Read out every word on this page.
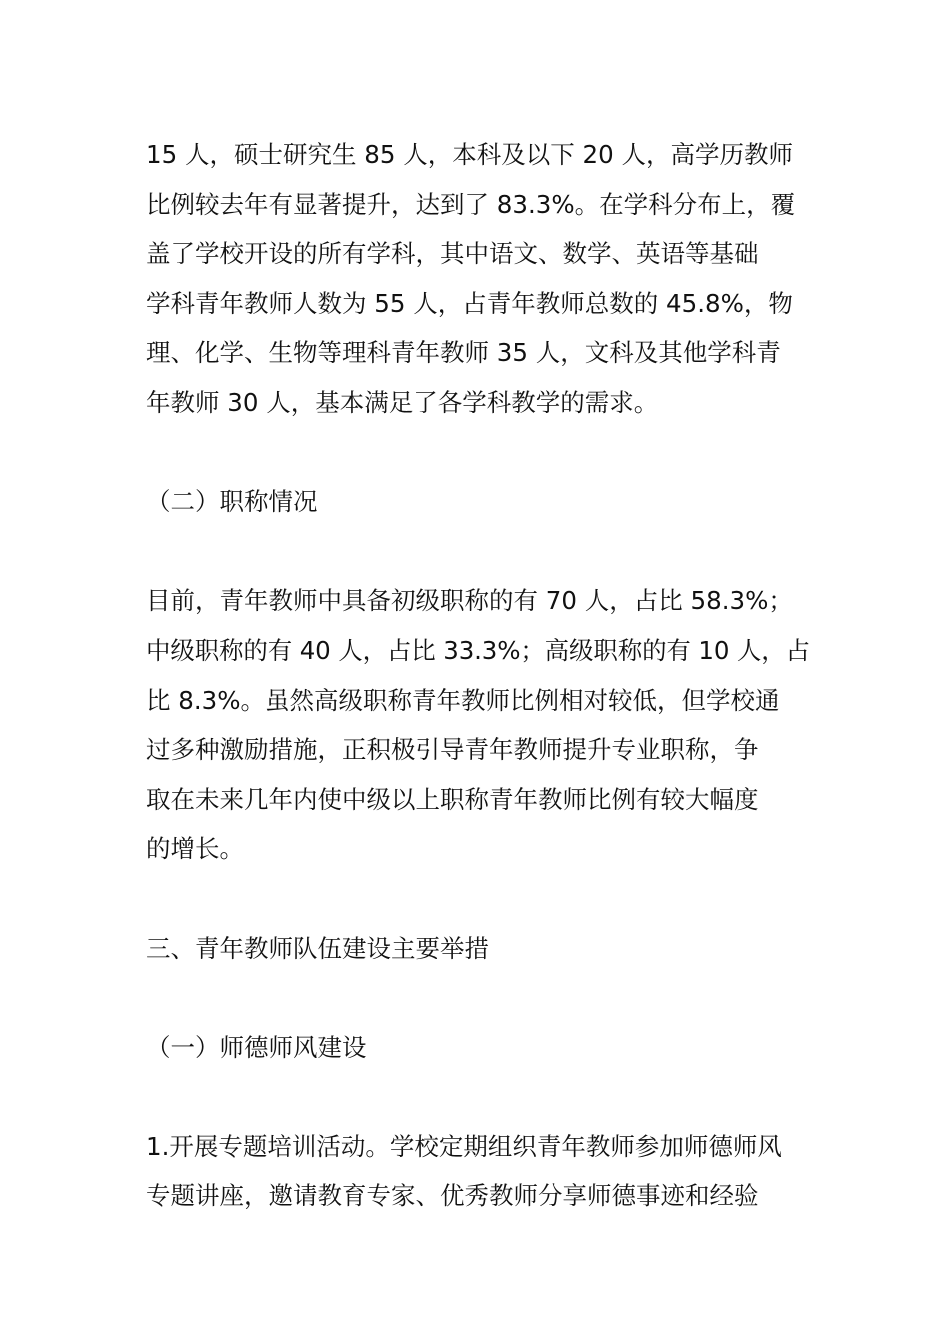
15 人，硕士研究生 85 人，本科及以下 20 人，高学历教师
比例较去年有显著提升，达到了 83.3%。在学科分布上，覆
盖了学校开设的所有学科，其中语文、数学、英语等基础
学科青年教师人数为 55 人，占青年教师总数的 45.8%，物
理、化学、生物等理科青年教师 35 人，文科及其他学科青
年教师 30 人，基本满足了各学科教学的需求。
（二）职称情况
目前，青年教师中具备初级职称的有 70 人，占比 58.3%；
中级职称的有 40 人，占比 33.3%；高级职称的有 10 人，占
比 8.3%。虽然高级职称青年教师比例相对较低，但学校通
过多种激励措施，正积极引导青年教师提升专业职称，争
取在未来几年内使中级以上职称青年教师比例有较大幅度
的增长。
三、青年教师队伍建设主要举措
（一）师德师风建设
1.开展专题培训活动。学校定期组织青年教师参加师德师风
专题讲座，邀请教育专家、优秀教师分享师德事迹和经验
